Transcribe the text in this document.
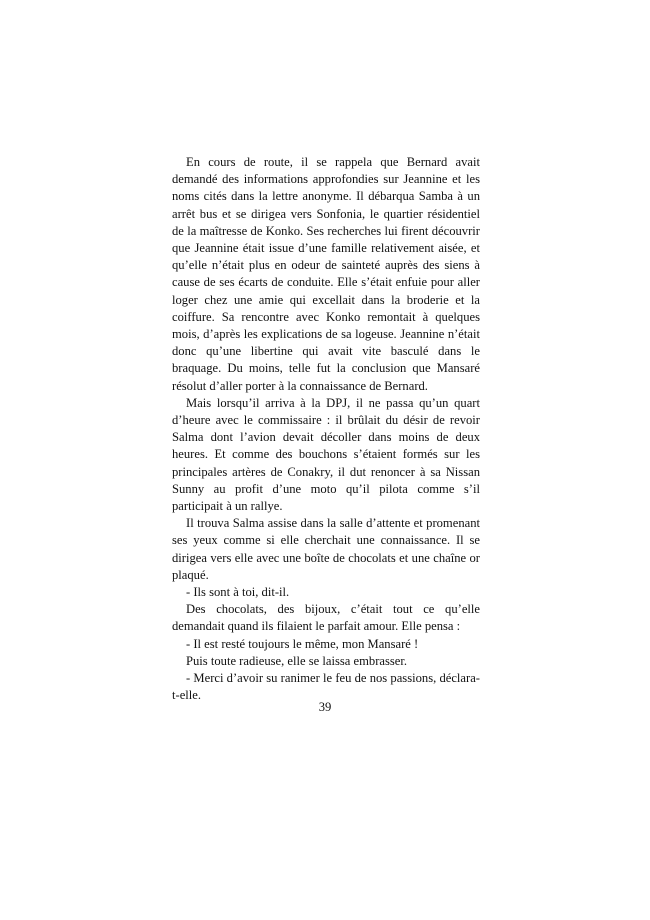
En cours de route, il se rappela que Bernard avait demandé des informations approfondies sur Jeannine et les noms cités dans la lettre anonyme. Il débarqua Samba à un arrêt bus et se dirigea vers Sonfonia, le quartier résidentiel de la maîtresse de Konko. Ses recherches lui firent découvrir que Jeannine était issue d’une famille relativement aisée, et qu’elle n’était plus en odeur de sainteté auprès des siens à cause de ses écarts de conduite. Elle s’était enfuie pour aller loger chez une amie qui excellait dans la broderie et la coiffure. Sa rencontre avec Konko remontait à quelques mois, d’après les explications de sa logeuse. Jeannine n’était donc qu’une libertine qui avait vite basculé dans le braquage. Du moins, telle fut la conclusion que Mansaré résolut d’aller porter à la connaissance de Bernard.

Mais lorsqu’il arriva à la DPJ, il ne passa qu’un quart d’heure avec le commissaire : il brûlait du désir de revoir Salma dont l’avion devait décoller dans moins de deux heures. Et comme des bouchons s’étaient formés sur les principales artères de Conakry, il dut renoncer à sa Nissan Sunny au profit d’une moto qu’il pilota comme s’il participait à un rallye.

Il trouva Salma assise dans la salle d’attente et promenant ses yeux comme si elle cherchait une connaissance. Il se dirigea vers elle avec une boîte de chocolats et une chaîne or plaqué.

- Ils sont à toi, dit-il.

Des chocolats, des bijoux, c’était tout ce qu’elle demandait quand ils filaient le parfait amour. Elle pensa :

- Il est resté toujours le même, mon Mansaré !

Puis toute radieuse, elle se laissa embrasser.

- Merci d’avoir su ranimer le feu de nos passions, déclara-t-elle.

39
